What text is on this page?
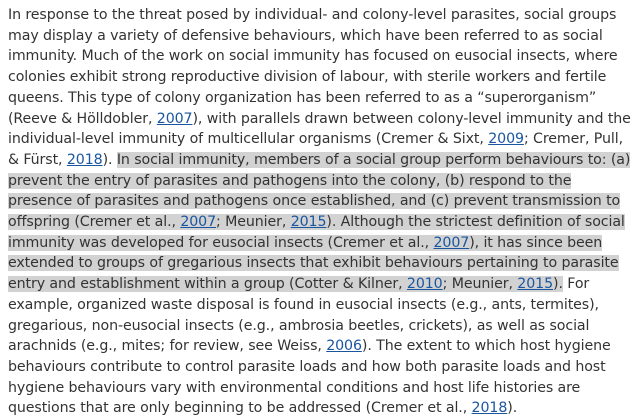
In response to the threat posed by individual- and colony-level parasites, social groups may display a variety of defensive behaviours, which have been referred to as social immunity. Much of the work on social immunity has focused on eusocial insects, where colonies exhibit strong reproductive division of labour, with sterile workers and fertile queens. This type of colony organization has been referred to as a “superorganism” (Reeve & Hölldobler, 2007), with parallels drawn between colony-level immunity and the individual-level immunity of multicellular organisms (Cremer & Sixt, 2009; Cremer, Pull, & Fürst, 2018). In social immunity, members of a social group perform behaviours to: (a) prevent the entry of parasites and pathogens into the colony, (b) respond to the presence of parasites and pathogens once established, and (c) prevent transmission to offspring (Cremer et al., 2007; Meunier, 2015). Although the strictest definition of social immunity was developed for eusocial insects (Cremer et al., 2007), it has since been extended to groups of gregarious insects that exhibit behaviours pertaining to parasite entry and establishment within a group (Cotter & Kilner, 2010; Meunier, 2015). For example, organized waste disposal is found in eusocial insects (e.g., ants, termites), gregarious, non-eusocial insects (e.g., ambrosia beetles, crickets), as well as social arachnids (e.g., mites; for review, see Weiss, 2006). The extent to which host hygiene behaviours contribute to control parasite loads and how both parasite loads and host hygiene behaviours vary with environmental conditions and host life histories are questions that are only beginning to be addressed (Cremer et al., 2018).
